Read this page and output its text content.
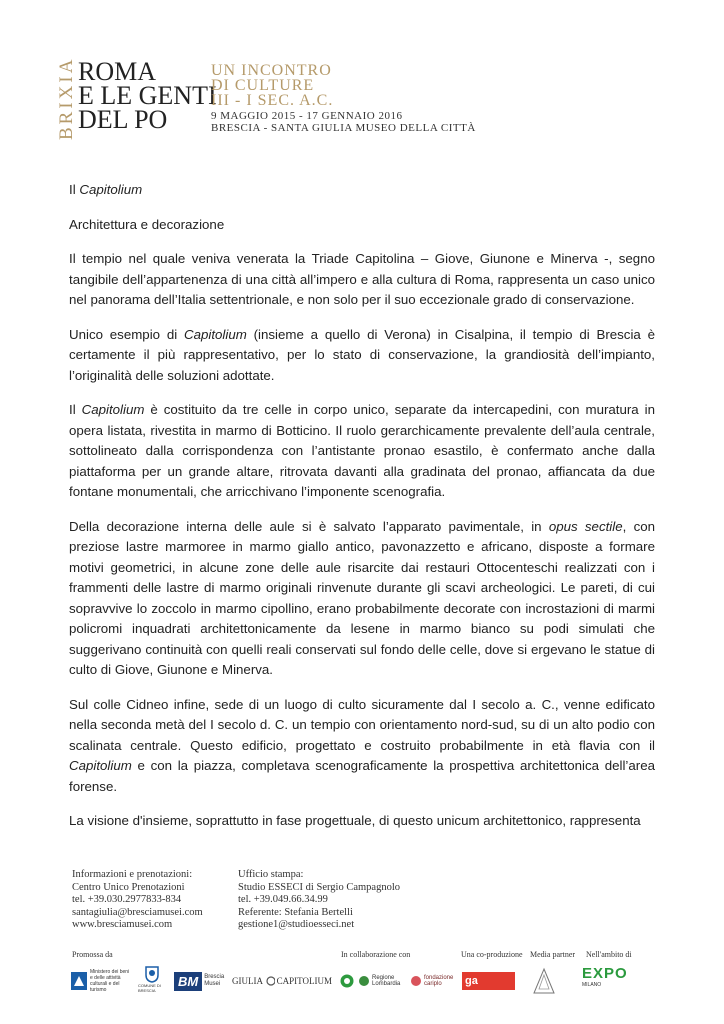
BRIXIA ROMA
E LE GENTI
DEL PO
UN INCONTRO
DI CULTURE
III - I SEC. A.C.
9 MAGGIO 2015 - 17 GENNAIO 2016
BRESCIA - SANTA GIULIA MUSEO DELLA CITTÀ

Il Capitolium

Architettura e decorazione

Il tempio nel quale veniva venerata la Triade Capitolina – Giove, Giunone e Minerva -, segno tangibile dell’appartenenza di una città all’impero e alla cultura di Roma, rappresenta un caso unico nel panorama dell’Italia settentrionale, e non solo per il suo eccezionale grado di conservazione.

Unico esempio di Capitolium (insieme a quello di Verona) in Cisalpina, il tempio di Brescia è certamente il più rappresentativo, per lo stato di conservazione, la grandiosità dell’impianto, l’originalità delle soluzioni adottate.

Il Capitolium è costituito da tre celle in corpo unico, separate da intercapedini, con muratura in opera listata, rivestita in marmo di Botticino. Il ruolo gerarchicamente prevalente dell’aula centrale, sottolineato dalla corrispondenza con l’antistante pronao esastilo, è confermato anche dalla piattaforma per un grande altare, ritrovata davanti alla gradinata del pronao, affiancata da due fontane monumentali, che arricchivano l’imponente scenografia.

Della decorazione interna delle aule si è salvato l’apparato pavimentale, in opus sectile, con preziose lastre marmoree in marmo giallo antico, pavonazzetto e africano, disposte a formare motivi geometrici, in alcune zone delle aule risarcite dai restauri Ottocenteschi realizzati con i frammenti delle lastre di marmo originali rinvenute durante gli scavi archeologici. Le pareti, di cui sopravvive lo zoccolo in marmo cipollino, erano probabilmente decorate con incrostazioni di marmi policromi inquadrati architettonicamente da lesene in marmo bianco su podi simulati che suggerivano continuità con quelli reali conservati sul fondo delle celle, dove si ergevano le statue di culto di Giove, Giunone e Minerva.

Sul colle Cidneo infine, sede di un luogo di culto sicuramente dal I secolo a. C., venne edificato nella seconda metà del I secolo d. C. un tempio con orientamento nord-sud, su di un alto podio con scalinata centrale. Questo edificio, progettato e costruito probabilmente in età flavia con il Capitolium e con la piazza, completava scenograficamente la prospettiva architettonica dell’area forense.

La visione d'insieme, soprattutto in fase progettuale, di questo unicum architettonico, rappresenta

Informazioni e prenotazioni:
Centro Unico Prenotazioni
tel. +39.030.2977833-834
santagiulia@bresciamusei.com
www.bresciamusei.com
Ufficio stampa:
Studio ESSECI di Sergio Campagnolo
tel. +39.049.66.34.99
Referente: Stefania Bertelli
gestione1@studioesseci.net
Promossa da	In collaborazione con	Una co-produzione Media partner Nell'ambito di
Ministero dei beni e delle attività culturali e del turismo
COMUNE DI BRESCIA
BM	Brescia Musei	GIULIA CAPITOLIUM	Regione Lombardia
fondazione cariplo	ga	EXPO
MILANO
